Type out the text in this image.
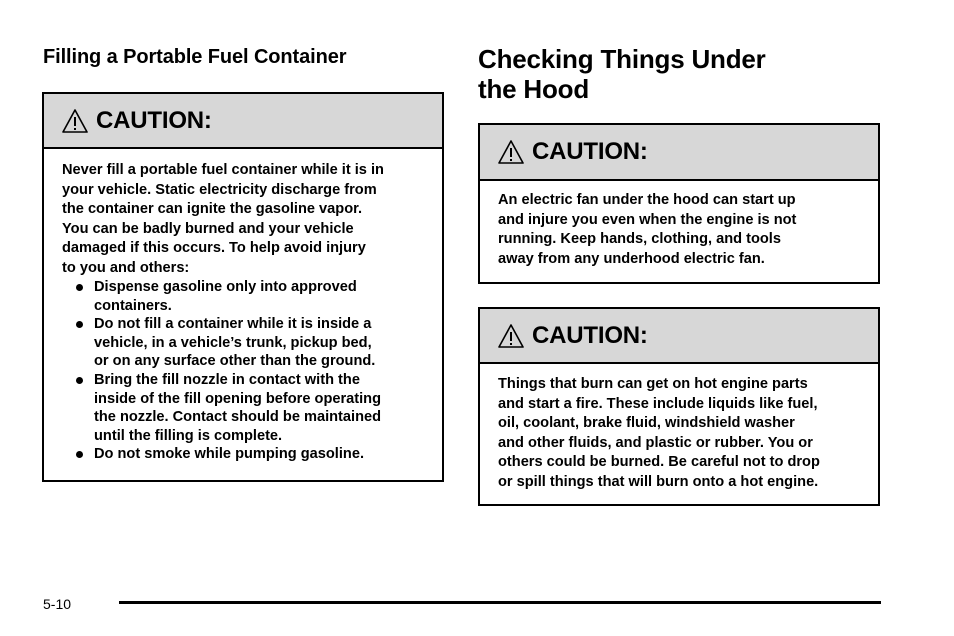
Filling a Portable Fuel Container	Checking Things Under
the Hood
CAUTION:
Never fill a portable fuel container while it is in
your vehicle. Static electricity discharge from
the container can ignite the gasoline vapor.
You can be badly burned and your vehicle
damaged if this occurs. To help avoid injury
to you and others:
Dispense gasoline only into approved
containers.
Do not fill a container while it is inside a
vehicle, in a vehicle’s trunk, pickup bed,
or on any surface other than the ground.
Bring the fill nozzle in contact with the
inside of the fill opening before operating
the nozzle. Contact should be maintained
until the filling is complete.
Do not smoke while pumping gasoline.
CAUTION:
An electric fan under the hood can start up
and injure you even when the engine is not
running. Keep hands, clothing, and tools
away from any underhood electric fan.
CAUTION:
Things that burn can get on hot engine parts
and start a fire. These include liquids like fuel,
oil, coolant, brake fluid, windshield washer
and other fluids, and plastic or rubber. You or
others could be burned. Be careful not to drop
or spill things that will burn onto a hot engine.
5-10
